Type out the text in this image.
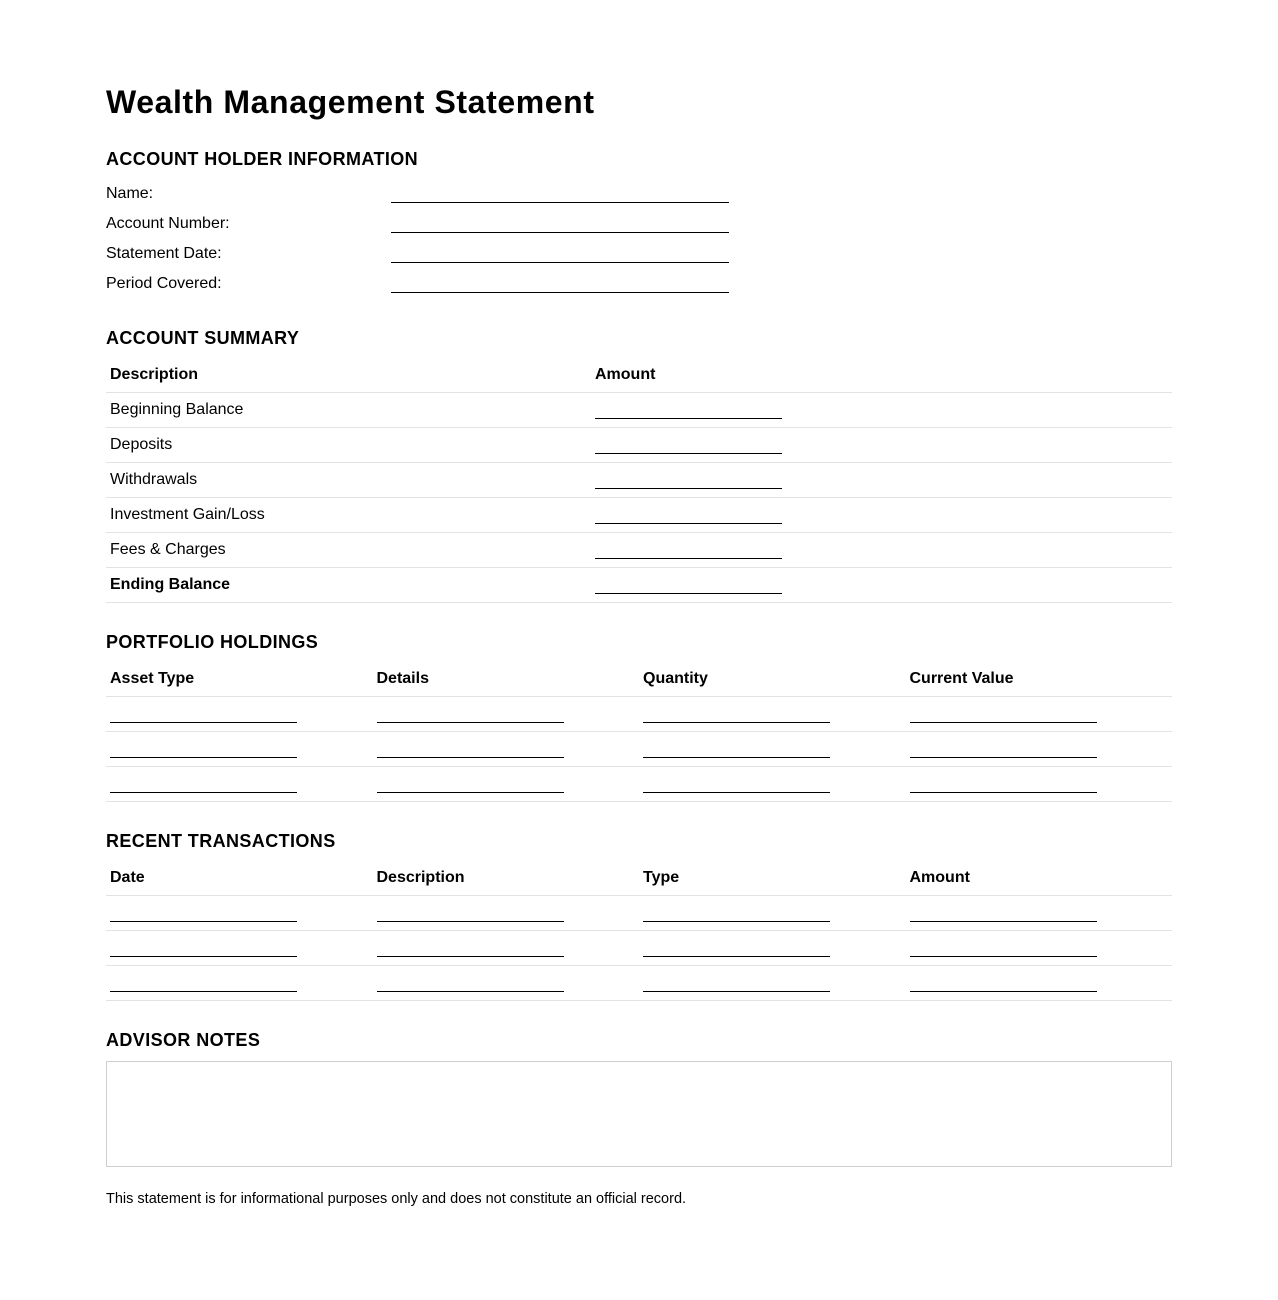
Wealth Management Statement
ACCOUNT HOLDER INFORMATION
Name:
Account Number:
Statement Date:
Period Covered:
ACCOUNT SUMMARY
Description	Amount
Beginning Balance	
Deposits	
Withdrawals	
Investment Gain/Loss	
Fees & Charges	
Ending Balance	
PORTFOLIO HOLDINGS
Asset Type	Details	Quantity	Current Value

RECENT TRANSACTIONS
Date	Description	Type	Amount

ADVISOR NOTES

This statement is for informational purposes only and does not constitute an official record.
